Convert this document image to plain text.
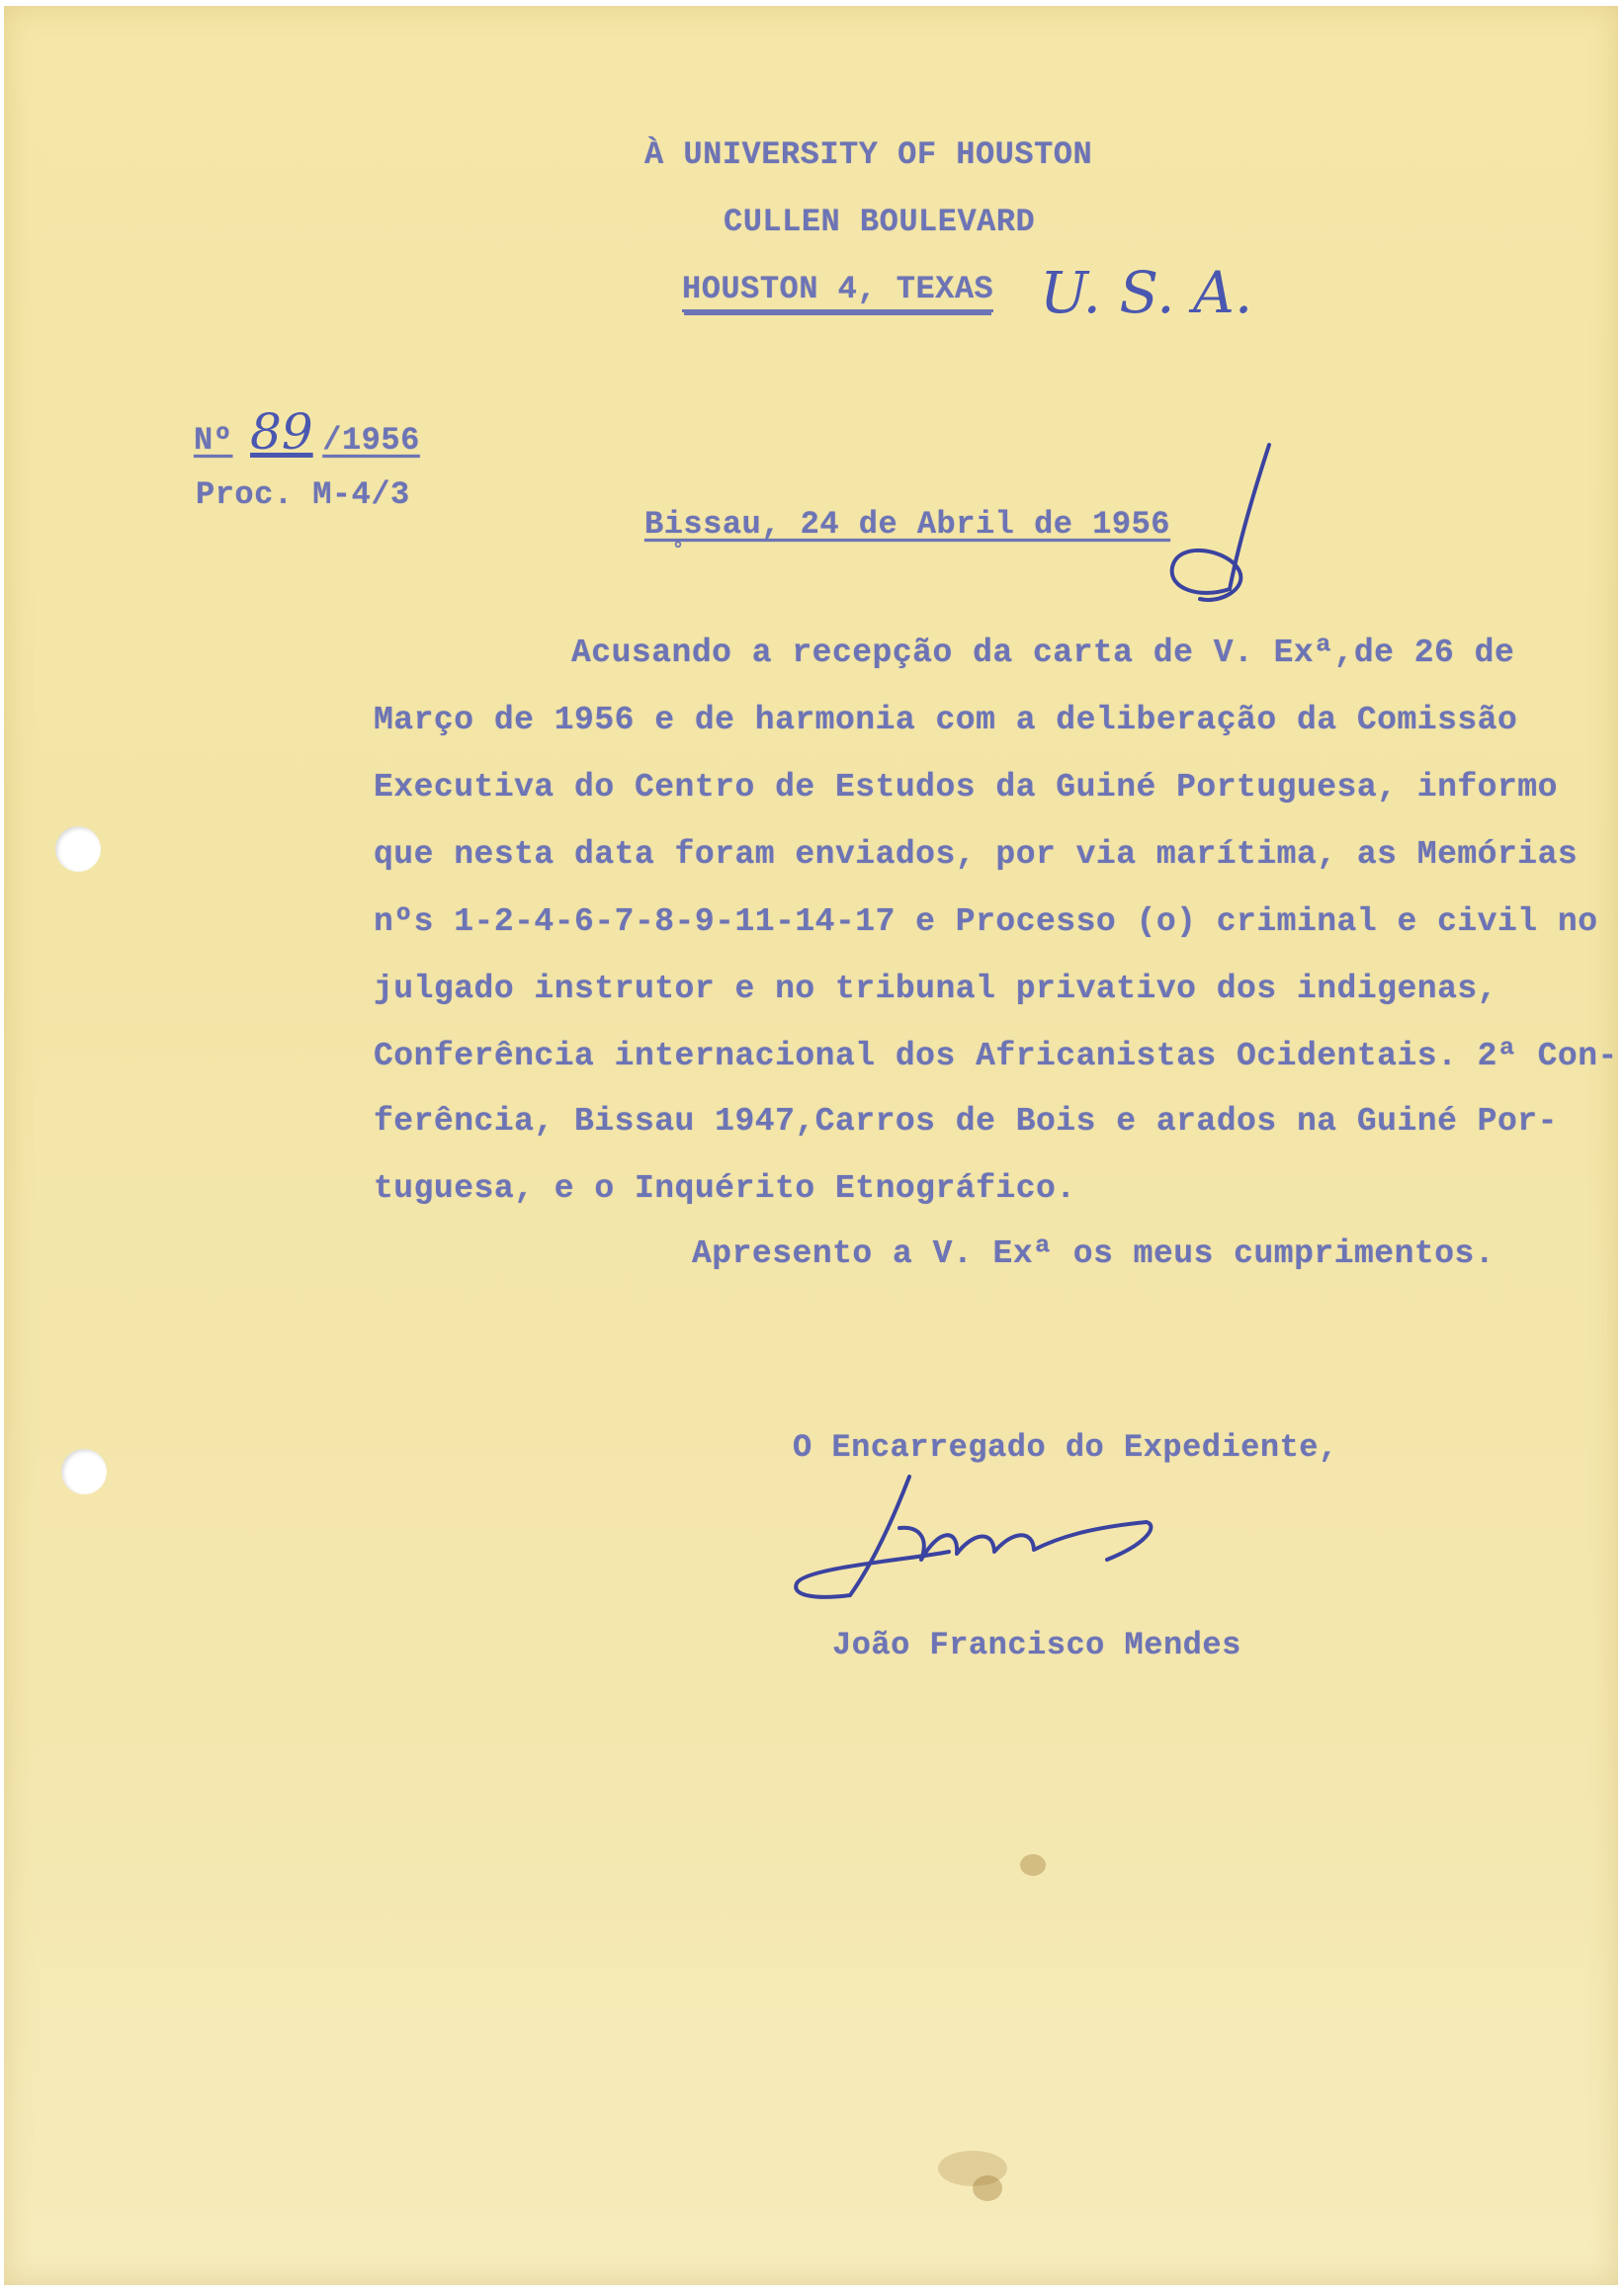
À UNIVERSITY OF HOUSTON
CULLEN BOULEVARD
HOUSTON 4, TEXAS U. S. A.
Nº 89 /1956
Proc. M-4/3
Bissau, 24 de Abril de 1956
°
Acusando a recepção da carta de V. Exª,de 26 de
Março de 1956 e de harmonia com a deliberação da Comissão
Executiva do Centro de Estudos da Guiné Portuguesa, informo
que nesta data foram enviados, por via marítima, as Memórias
nºs 1-2-4-6-7-8-9-11-14-17 e Processo (o) criminal e civil no
julgado instrutor e no tribunal privativo dos indigenas,
Conferência internacional dos Africanistas Ocidentais. 2ª Con-
ferência, Bissau 1947,Carros de Bois e arados na Guiné Por-
tuguesa, e o Inquérito Etnográfico.
Apresento a V. Exª os meus cumprimentos.
O Encarregado do Expediente,
João Francisco Mendes
